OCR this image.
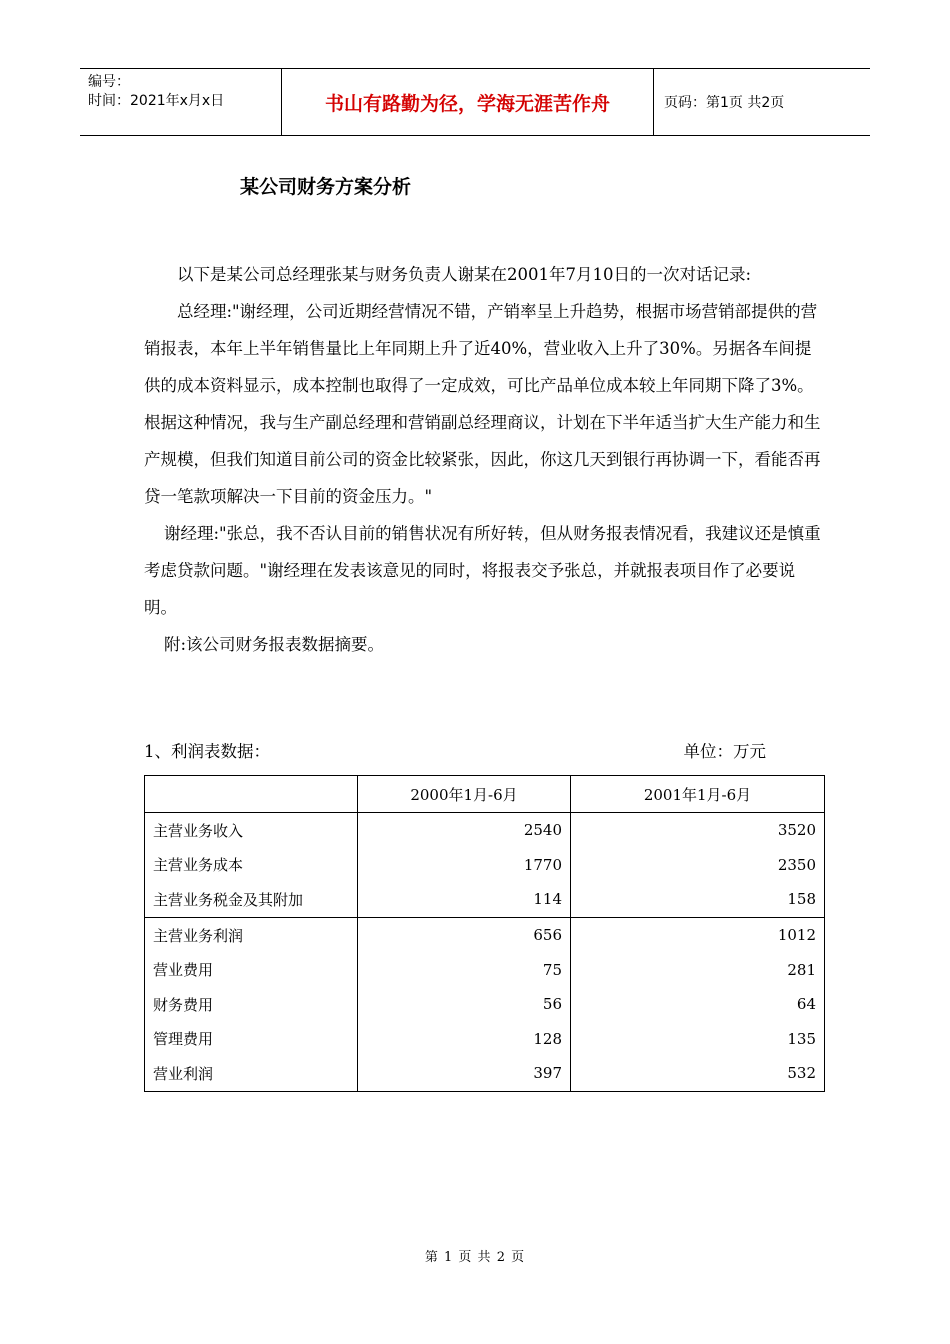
编号：
时间：2021年x月x日	书山有路勤为径，学海无涯苦作舟	页码：第1页 共2页
某公司财务方案分析

以下是某公司总经理张某与财务负责人谢某在2001年7月10日的一次对话记录:

总经理:"谢经理，公司近期经营情况不错，产销率呈上升趋势，根据市场营销部提供的营销报表，本年上半年销售量比上年同期上升了近40%，营业收入上升了30%。另据各车间提供的成本资料显示，成本控制也取得了一定成效，可比产品单位成本较上年同期下降了3%。根据这种情况，我与生产副总经理和营销副总经理商议，计划在下半年适当扩大生产能力和生产规模，但我们知道目前公司的资金比较紧张，因此，你这几天到银行再协调一下，看能否再贷一笔款项解决一下目前的资金压力。"

谢经理:"张总，我不否认目前的销售状况有所好转，但从财务报表情况看，我建议还是慎重考虑贷款问题。"谢经理在发表该意见的同时，将报表交予张总，并就报表项目作了必要说明。

附:该公司财务报表数据摘要。

1、利润表数据：	单位：万元
	2000年1月-6月	2001年1月-6月
主营业务收入	2540	3520
主营业务成本	1770	2350
主营业务税金及其附加	114	158
主营业务利润	656	1012
营业费用	75	281
财务费用	56	64
管理费用	128	135
营业利润	397	532
第 1 页 共 2 页
